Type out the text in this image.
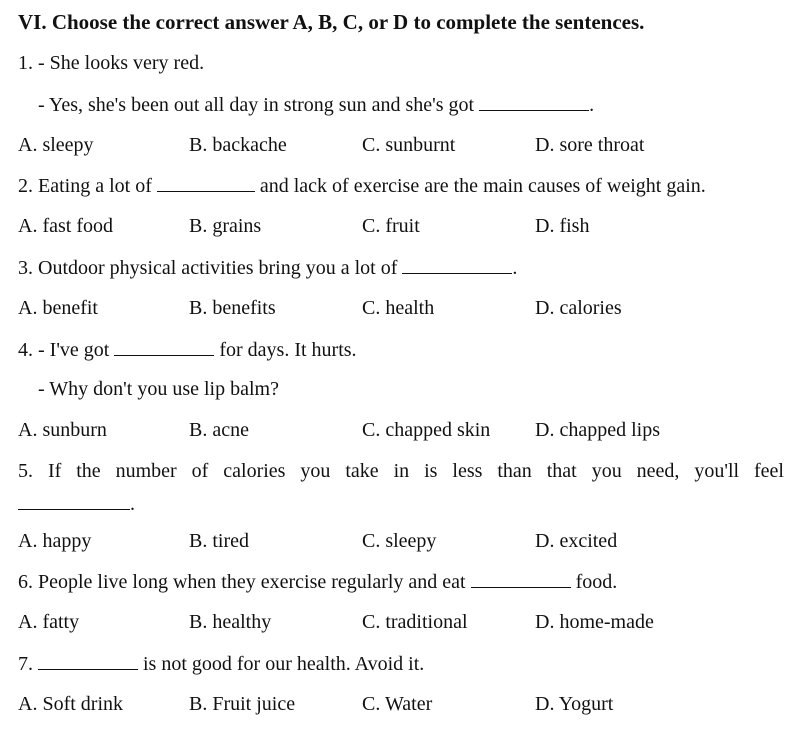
VI. Choose the correct answer A, B, C, or D to complete the sentences.
1. - She looks very red.
- Yes, she's been out all day in strong sun and she's got	.
A. sleepy	B. backache	C. sunburnt	D. sore throat
2. Eating a lot of	and lack of exercise are the main causes of weight gain.
A. fast food	B. grains	C. fruit	D. fish
3. Outdoor physical activities bring you a lot of	.
A. benefit	B. benefits	C. health	D. calories
4. - I've got	for days. It hurts.
- Why don't you use lip balm?
A. sunburn	B. acne	C. chapped skin D. chapped lips
5. If the number of calories you take in is less than that you need, you'll feel
.
A. happy	B. tired	C. sleepy	D. excited
6. People live long when they exercise regularly and eat	food.
A. fatty	B. healthy	C. traditional	D. home-made
7.	is not good for our health. Avoid it.
A. Soft drink	B. Fruit juice	C. Water	D. Yogurt
